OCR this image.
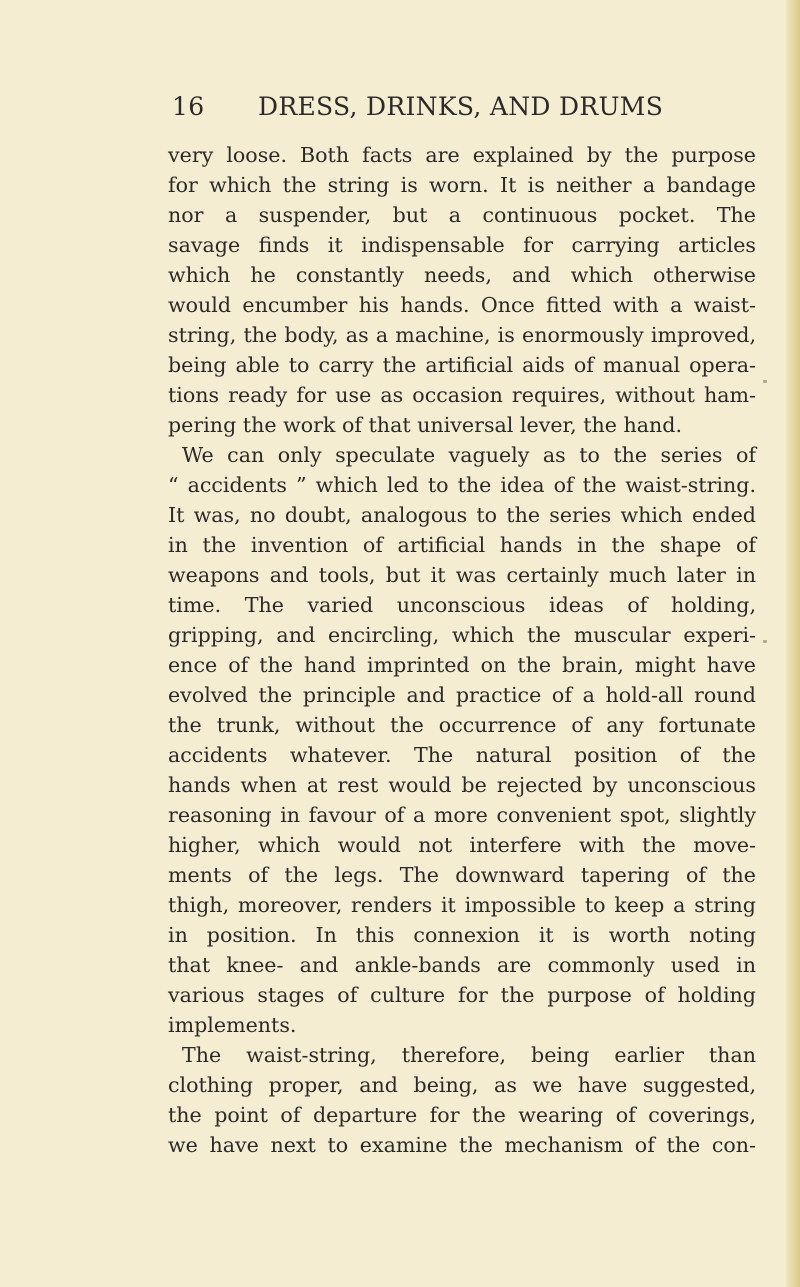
16 DRESS, DRINKS, AND DRUMS
very loose. Both facts are explained by the purpose
for which the string is worn. It is neither a bandage
nor a suspender, but a continuous pocket. The
savage finds it indispensable for carrying articles
which he constantly needs, and which otherwise
would encumber his hands. Once fitted with a waist-
string, the body, as a machine, is enormously improved,
being able to carry the artificial aids of manual opera-
tions ready for use as occasion requires, without ham-
pering the work of that universal lever, the hand.
We can only speculate vaguely as to the series of
“ accidents ” which led to the idea of the waist-string.
It was, no doubt, analogous to the series which ended
in the invention of artificial hands in the shape of
weapons and tools, but it was certainly much later in
time. The varied unconscious ideas of holding,
gripping, and encircling, which the muscular experi-
ence of the hand imprinted on the brain, might have
evolved the principle and practice of a hold-all round
the trunk, without the occurrence of any fortunate
accidents whatever. The natural position of the
hands when at rest would be rejected by unconscious
reasoning in favour of a more convenient spot, slightly
higher, which would not interfere with the move-
ments of the legs. The downward tapering of the
thigh, moreover, renders it impossible to keep a string
in position. In this connexion it is worth noting
that knee- and ankle-bands are commonly used in
various stages of culture for the purpose of holding
implements.
The waist-string, therefore, being earlier than
clothing proper, and being, as we have suggested,
the point of departure for the wearing of coverings,
we have next to examine the mechanism of the con-
